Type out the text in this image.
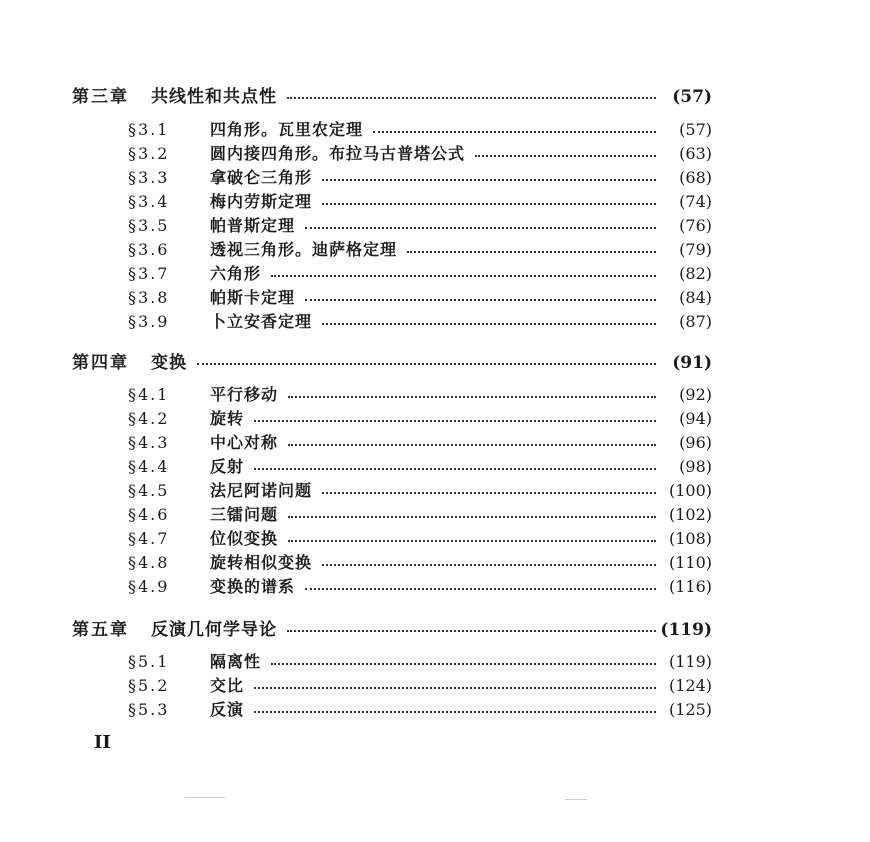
第三章 共线性和共点性	(57)
§3.1	四角形。瓦里农定理	(57)
§3.2	圆内接四角形。布拉马古普塔公式	(63)
§3.3	拿破仑三角形	(68)
§3.4	梅内劳斯定理	(74)
§3.5	帕普斯定理	(76)
§3.6	透视三角形。迪萨格定理	(79)
§3.7	六角形	(82)
§3.8	帕斯卡定理	(84)
§3.9	卜立安香定理	(87)
第四章 变换	(91)
§4.1	平行移动	(92)
§4.2	旋转	(94)
§4.3	中心对称	(96)
§4.4	反射	(98)
§4.5	法尼阿诺问题	(100)
§4.6	三镭问题	(102)
§4.7	位似变换	(108)
§4.8	旋转相似变换	(110)
§4.9	变换的谱系	(116)
第五章 反演几何学导论	(119)
§5.1	隔离性	(119)
§5.2	交比	(124)
§5.3	反演	(125)
II
